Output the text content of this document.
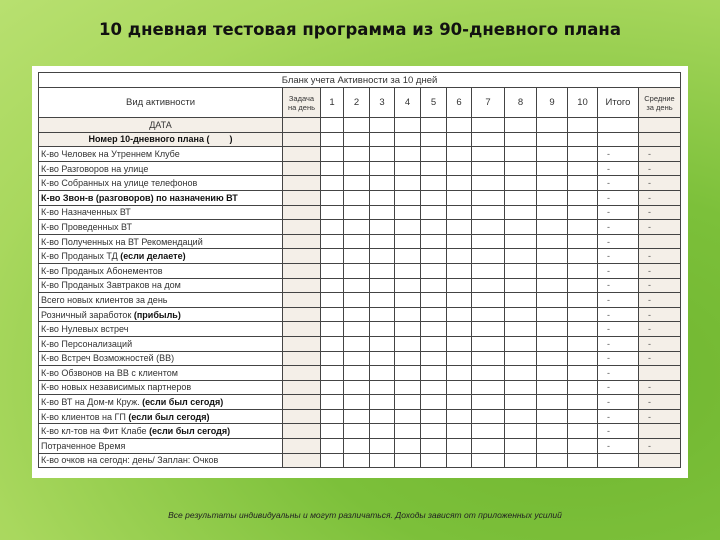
10 дневная тестовая программа из 90-дневного плана
Бланк учета Активности за 10 дней													
Вид активности	Задача на день	1	2	3	4	5	6	7	8	9	10	Итого	Средние за день
ДАТА													
Номер 10-дневного плана (        )													
К-во Человек на Утреннем Клубе												-	-
К-во Разговоров на улице												-	-
К-во Собранных на улице телефонов												-	-
К-во Звон-в (разговоров) по назначению ВТ												-	-
К-во Назначенных ВТ												-	-
К-во Проведенных ВТ												-	-
К-во Полученных на ВТ Рекомендаций												-	
К-во Проданых ТД (если делаете)												-	-
К-во Проданых Абонементов												-	-
К-во Проданых Завтраков на дом												-	-
Всего новых клиентов за день												-	-
Розничный заработок (прибыль)												-	-
К-во Нулевых встреч												-	-
К-во Персонализаций												-	-
К-во Встреч Возможностей (ВВ)												-	-
К-во Обзвонов на ВВ с клиентом												-	
К-во новых независимых партнеров												-	-
К-во ВТ на Дом-м Круж. (если был сегодя)												-	-
К-во клиентов на ГП (если был сегодя)												-	-
К-во кл-тов на Фит Клабе (если был сегодя)												-	
Потраченное Время												-	-
К-во очков на сегодн: день/ Заплан: Очков													
Все результаты индивидуальны и могут различаться. Доходы зависят от приложенных усилий
